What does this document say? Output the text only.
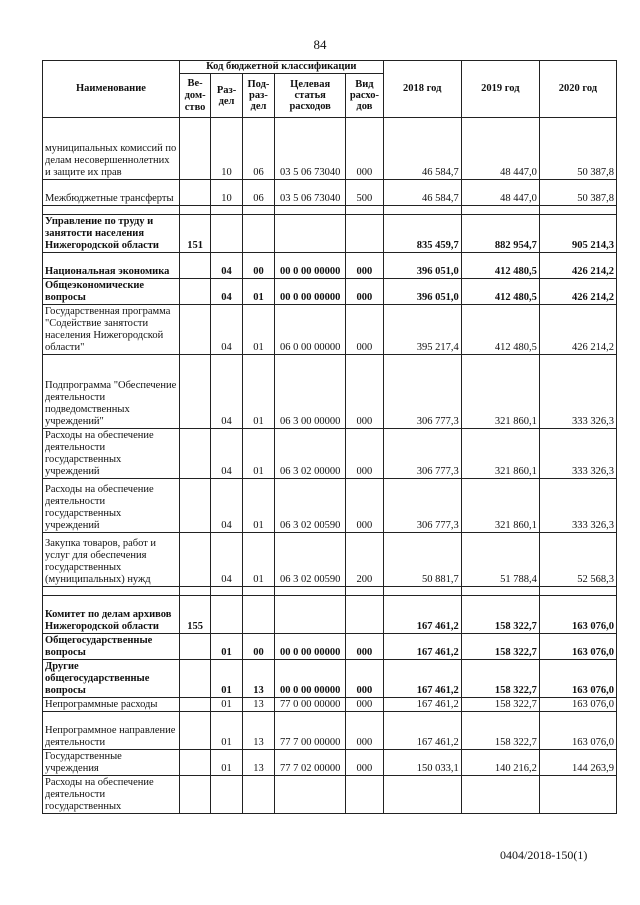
84
Наименование	Код бюджетной классификации					2018 год	2019 год	2020 год
	Ве-дом-ство	Раз-дел	Под-раз-дел	Целевая статья расходов	Вид расхо-дов			
муниципальных комиссий по делам несовершеннолетних и защите их прав		10	06	03 5 06 73040	000	46 584,7	48 447,0	50 387,8
Межбюджетные трансферты		10	06	03 5 06 73040	500	46 584,7	48 447,0	50 387,8

Управление по труду и занятости населения Нижегородской области	151					835 459,7	882 954,7	905 214,3
Национальная экономика		04	00	00 0 00 00000	000	396 051,0	412 480,5	426 214,2
Общеэкономические вопросы		04	01	00 0 00 00000	000	396 051,0	412 480,5	426 214,2
Государственная программа "Содействие занятости населения Нижегородской области"		04	01	06 0 00 00000	000	395 217,4	412 480,5	426 214,2
Подпрограмма "Обеспечение деятельности подведомственных учреждений"		04	01	06 3 00 00000	000	306 777,3	321 860,1	333 326,3
Расходы на обеспечение деятельности государственных учреждений		04	01	06 3 02 00000	000	306 777,3	321 860,1	333 326,3
Расходы на обеспечение деятельности государственных учреждений		04	01	06 3 02 00590	000	306 777,3	321 860,1	333 326,3
Закупка товаров, работ и услуг для обеспечения государственных (муниципальных) нужд		04	01	06 3 02 00590	200	50 881,7	51 788,4	52 568,3

Комитет по делам архивов Нижегородской области	155					167 461,2	158 322,7	163 076,0
Общегосударственные вопросы		01	00	00 0 00 00000	000	167 461,2	158 322,7	163 076,0
Другие общегосударственные вопросы		01	13	00 0 00 00000	000	167 461,2	158 322,7	163 076,0
Непрограммные расходы		01	13	77 0 00 00000	000	167 461,2	158 322,7	163 076,0
Непрограммное направление деятельности		01	13	77 7 00 00000	000	167 461,2	158 322,7	163 076,0
Государственные учреждения		01	13	77 7 02 00000	000	150 033,1	140 216,2	144 263,9
Расходы на обеспечение деятельности государственных								
0404/2018-150(1)
